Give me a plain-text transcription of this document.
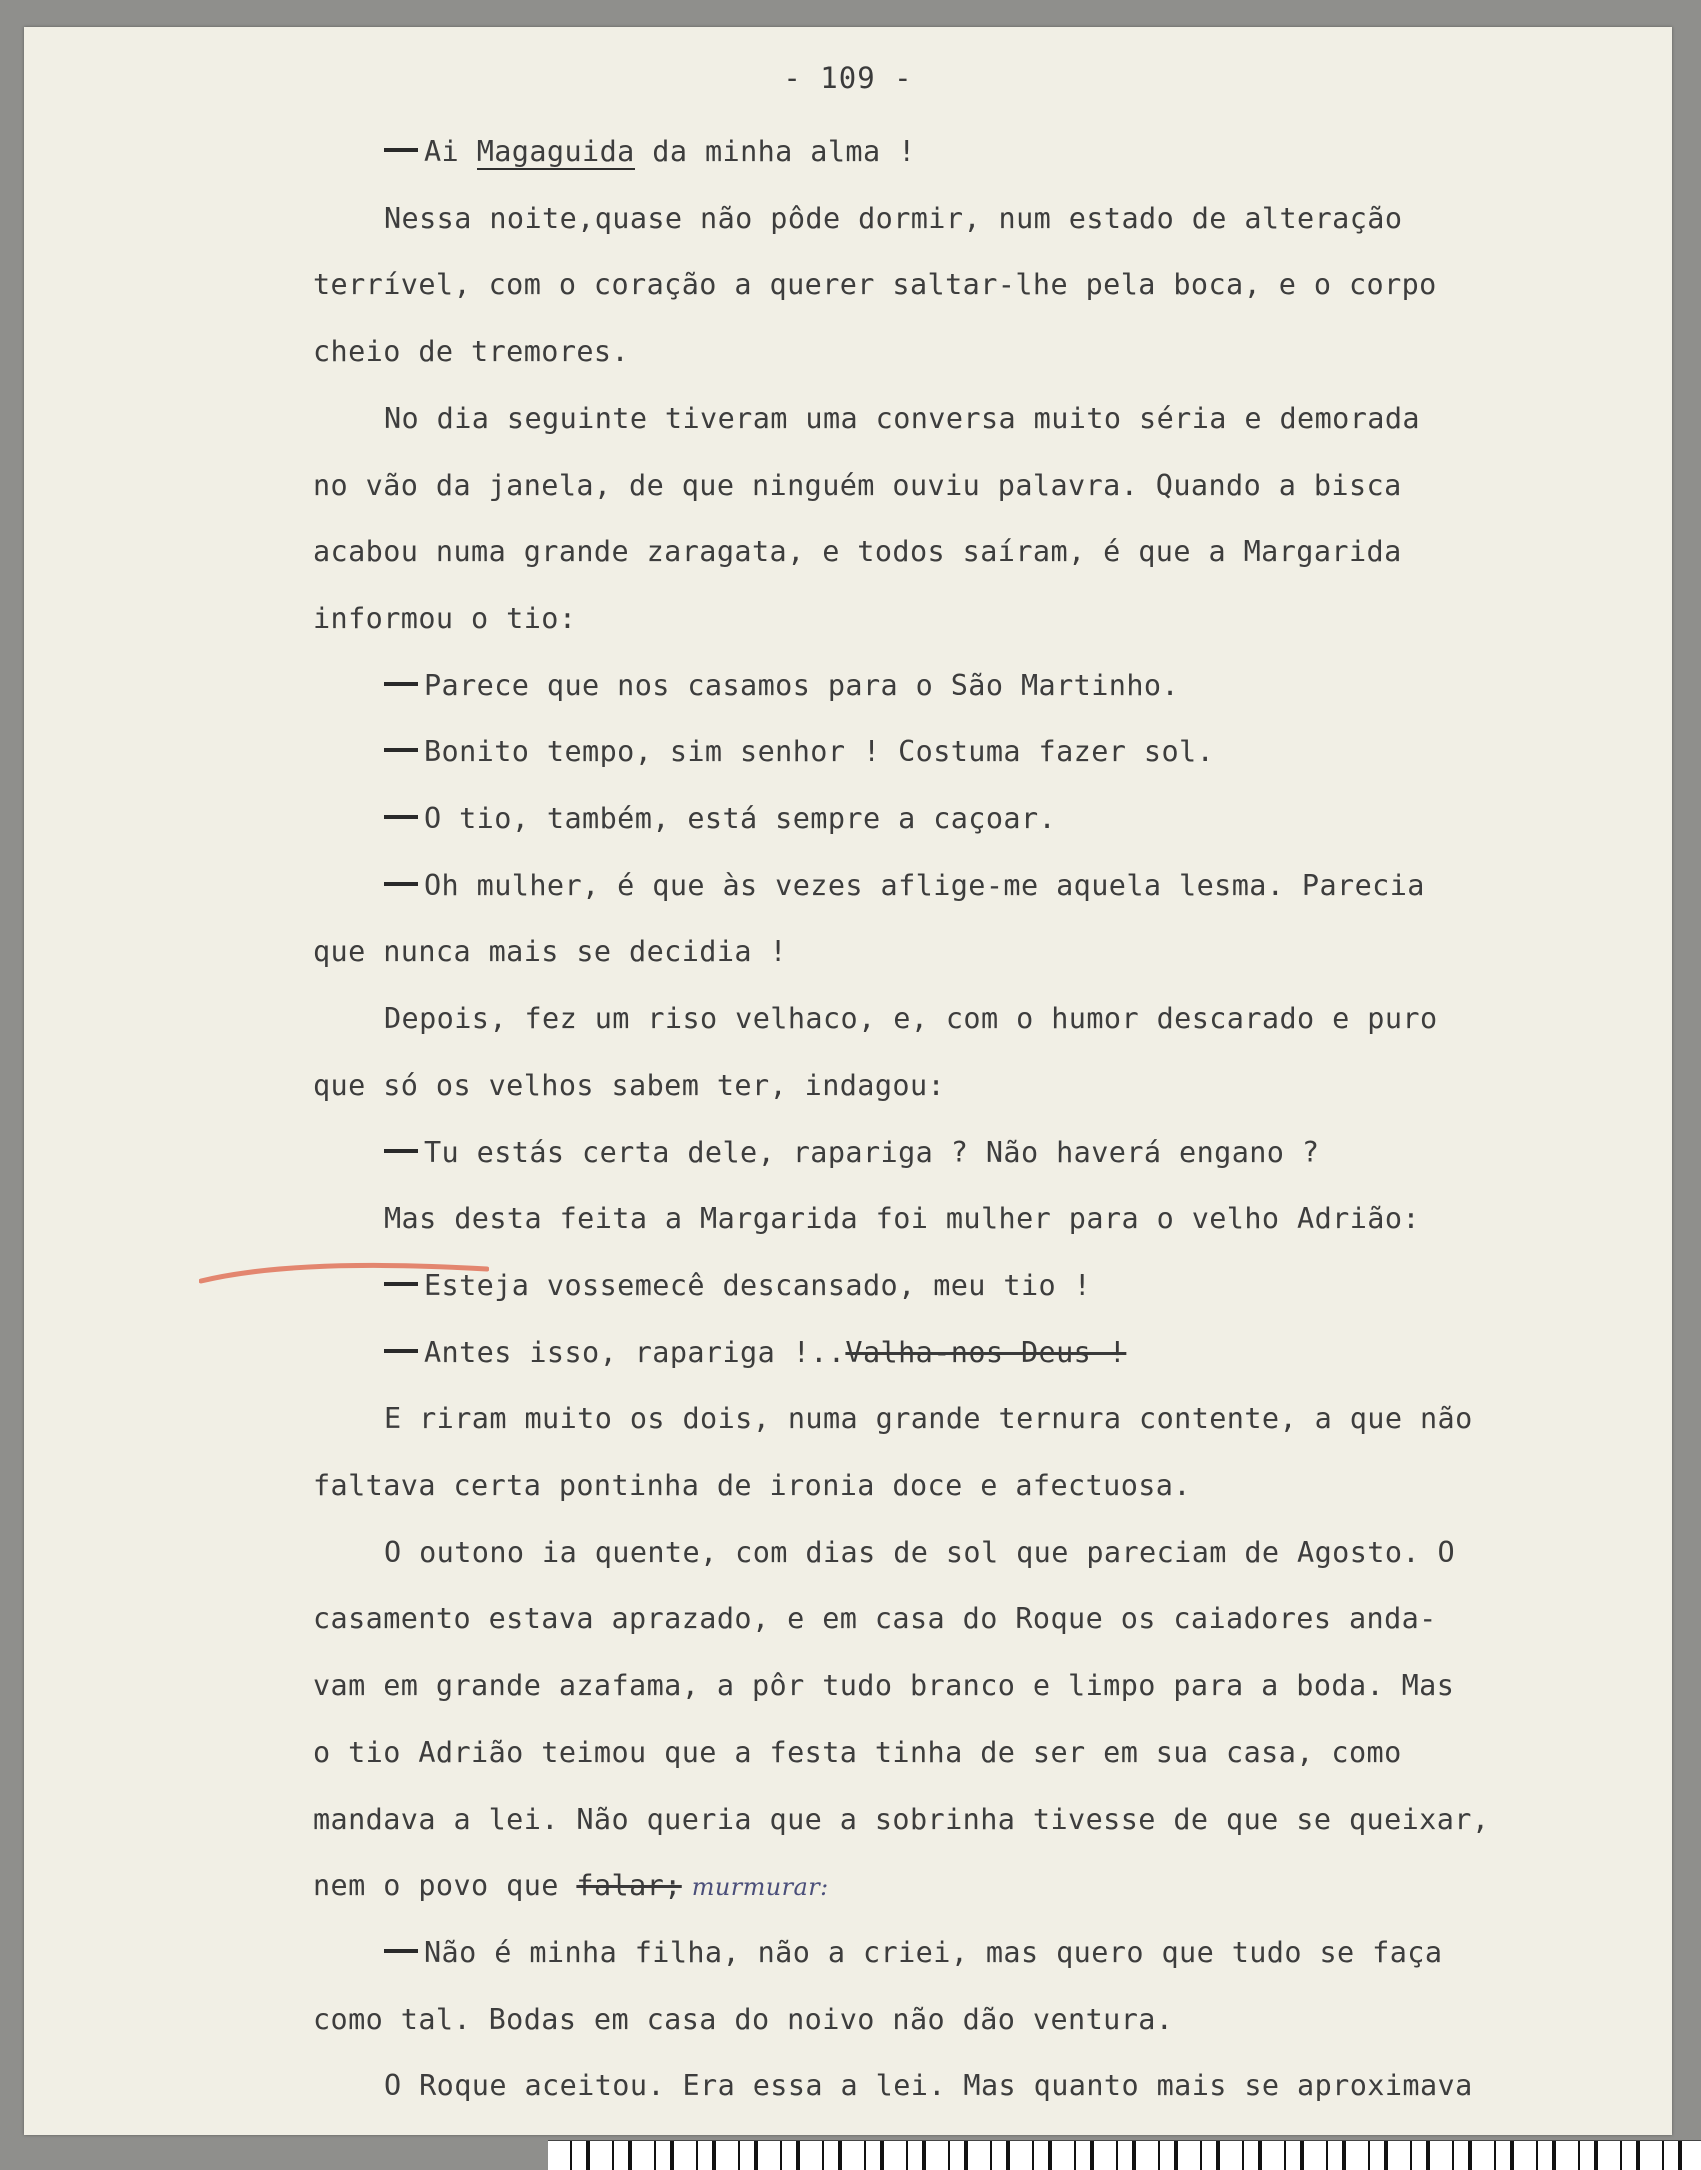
- 109 -
Ai Magaguida da minha alma !
Nessa noite,quase não pôde dormir, num estado de alteração
terrível, com o coração a querer saltar-lhe pela boca, e o corpo
cheio de tremores.
No dia seguinte tiveram uma conversa muito séria e demorada
no vão da janela, de que ninguém ouviu palavra. Quando a bisca
acabou numa grande zaragata, e todos saíram, é que a Margarida
informou o tio:
Parece que nos casamos para o São Martinho.
Bonito tempo, sim senhor ! Costuma fazer sol.
O tio, também, está sempre a caçoar.
Oh mulher, é que às vezes aflige-me aquela lesma. Parecia
que nunca mais se decidia !
Depois, fez um riso velhaco, e, com o humor descarado e puro
que só os velhos sabem ter, indagou:
Tu estás certa dele, rapariga ? Não haverá engano ?
Mas desta feita a Margarida foi mulher para o velho Adrião:
Esteja vossemecê descansado, meu tio !
Antes isso, rapariga !..Valha-nos Deus !
E riram muito os dois, numa grande ternura contente, a que não
faltava certa pontinha de ironia doce e afectuosa.
O outono ia quente, com dias de sol que pareciam de Agosto. O
casamento estava aprazado, e em casa do Roque os caiadores anda-
vam em grande azafama, a pôr tudo branco e limpo para a boda. Mas
o tio Adrião teimou que a festa tinha de ser em sua casa, como
mandava a lei. Não queria que a sobrinha tivesse de que se queixar,
nem o povo que falar; murmurar:
Não é minha filha, não a criei, mas quero que tudo se faça
como tal. Bodas em casa do noivo não dão ventura.
O Roque aceitou. Era essa a lei. Mas quanto mais se aproximava
